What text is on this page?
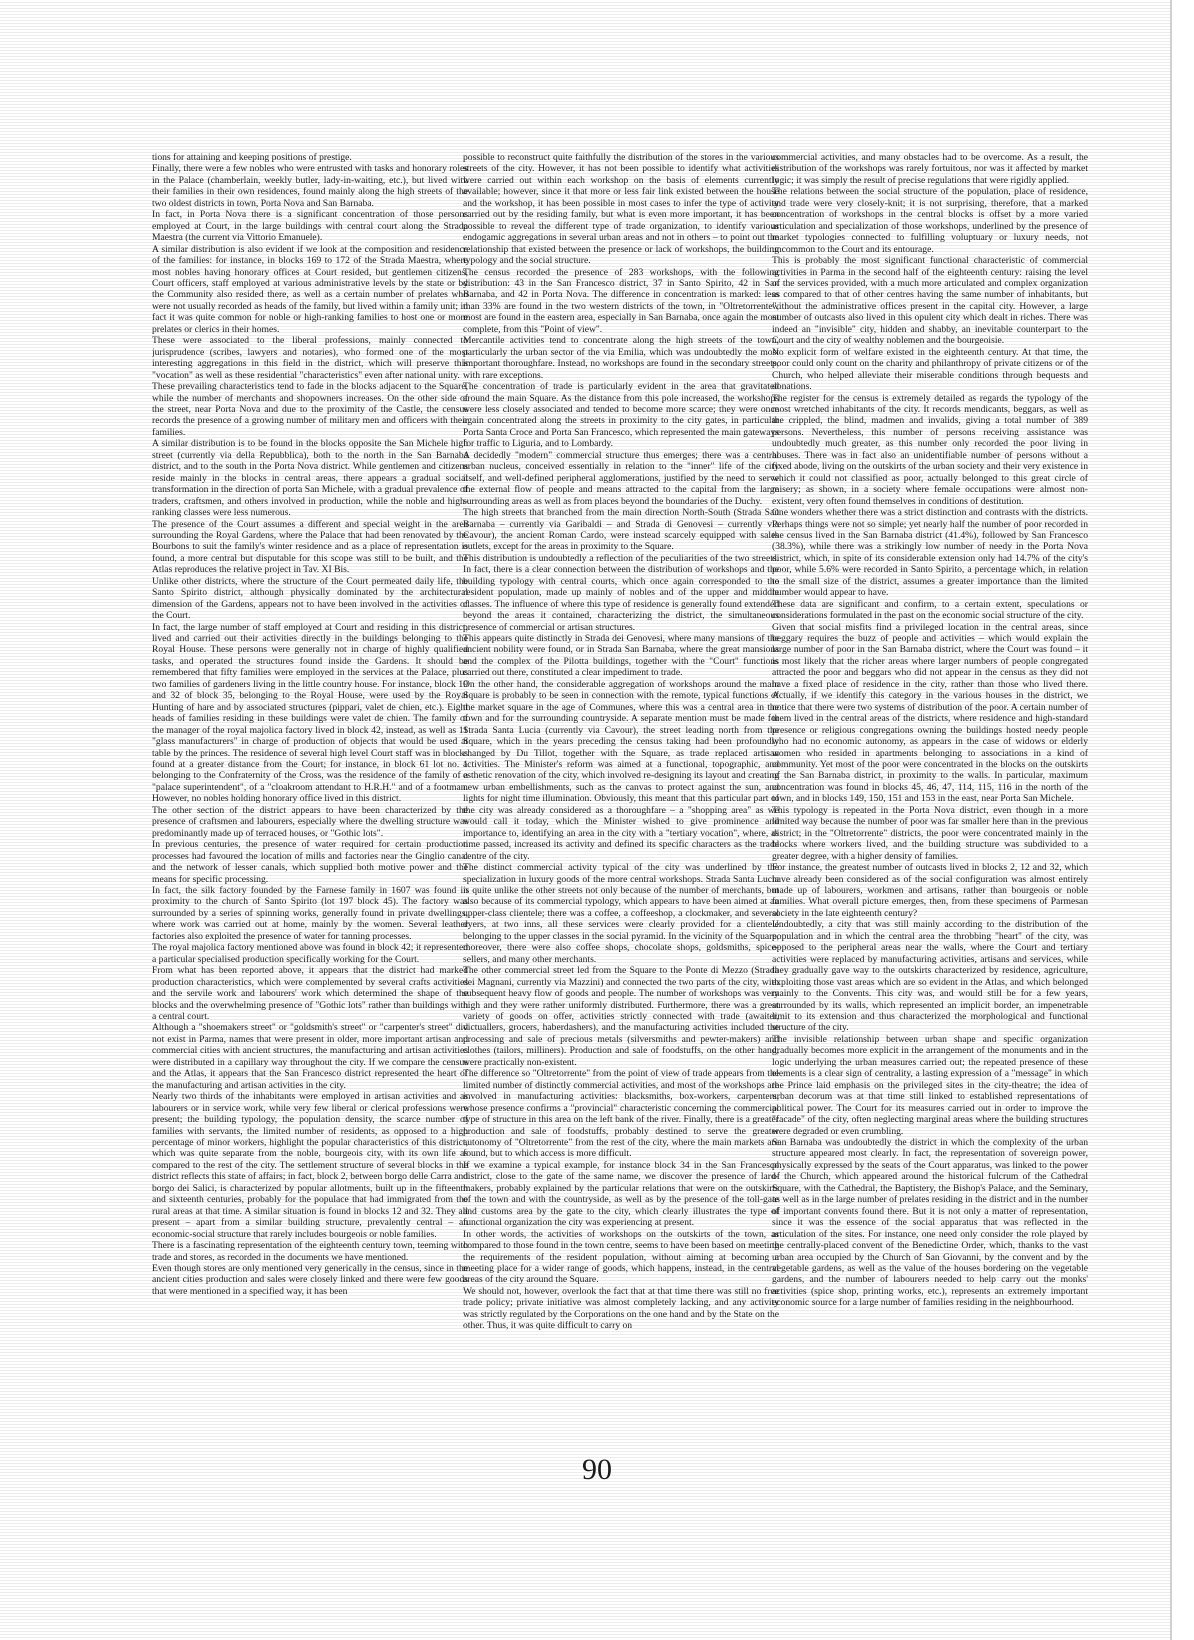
tions for attaining and keeping positions of prestige.

Finally, there were a few nobles who were entrusted with tasks and honorary roles in the Palace (chamberlain, weekly butler, lady-in-waiting, etc.), but lived with their families in their own residences, found mainly along the high streets of the two oldest districts in town, Porta Nova and San Barnaba.

In fact, in Porta Nova there is a significant concentration of those persons employed at Court, in the large buildings with central court along the Strada Maestra (the current via Vittorio Emanuele).

A similar distribution is also evident if we look at the composition and residence of the families: for instance, in blocks 169 to 172 of the Strada Maestra, where most nobles having honorary offices at Court resided, but gentlemen citizens, Court officers, staff employed at various administrative levels by the state or by the Community also resided there, as well as a certain number of prelates who were not usually recorded as heads of the family, but lived within a family unit; in fact it was quite common for noble or high-ranking families to host one or more prelates or clerics in their homes.

These were associated to the liberal professions, mainly connected to jurisprudence (scribes, lawyers and notaries), who formed one of the most interesting aggregations in this field in the district, which will preserve this "vocation" as well as these residential "characteristics" even after national unity.

These prevailing characteristics tend to fade in the blocks adjacent to the Square, while the number of merchants and shopowners increases. On the other side of the street, near Porta Nova and due to the proximity of the Castle, the census records the presence of a growing number of military men and officers with their families.

A similar distribution is to be found in the blocks opposite the San Michele high street (currently via della Repubblica), both to the north in the San Barnaba district, and to the south in the Porta Nova district. While gentlemen and citizens reside mainly in the blocks in central areas, there appears a gradual social transformation in the direction of porta San Michele, with a gradual prevalence of traders, craftsmen, and others involved in production, while the noble and high-ranking classes were less numerous.

The presence of the Court assumes a different and special weight in the area surrounding the Royal Gardens, where the Palace that had been renovated by the Bourbons to suit the family's winter residence and as a place of representation is found, a more central but disputable for this scope was still to be built, and the Atlas reproduces the relative project in Tav. XI Bis.

Unlike other districts, where the structure of the Court permeated daily life, the Santo Spirito district, although physically dominated by the architectural dimension of the Gardens, appears not to have been involved in the activities of the Court.

In fact, the large number of staff employed at Court and residing in this district, lived and carried out their activities directly in the buildings belonging to the Royal House. These persons were generally not in charge of highly qualified tasks, and operated the structures found inside the Gardens. It should be remembered that fifty families were employed in the services at the Palace, plus two families of gardeners living in the little country house. For instance, block 19 and 32 of block 35, belonging to the Royal House, were used by the Royal Hunting of hare and by associated structures (pippari, valet de chien, etc.). Eight heads of families residing in these buildings were valet de chien. The family of the manager of the royal majolica factory lived in block 42, instead, as well as 11 "glass manufacturers" in charge of production of objects that would be used at table by the princes. The residence of several high level Court staff was in blocks found at a greater distance from the Court; for instance, in block 61 lot no. 1 belonging to the Confraternity of the Cross, was the residence of the family of a "palace superintendent", of a "cloakroom attendant to H.R.H." and of a footman. However, no nobles holding honorary office lived in this district.

The other section of the district appears to have been characterized by the presence of craftsmen and labourers, especially where the dwelling structure was predominantly made up of terraced houses, or "Gothic lots".

In previous centuries, the presence of water required for certain production processes had favoured the location of mills and factories near the Ginglio canal and the network of lesser canals, which supplied both motive power and the means for specific processing.

In fact, the silk factory founded by the Farnese family in 1607 was found in proximity to the church of Santo Spirito (lot 197 block 45). The factory was surrounded by a series of spinning works, generally found in private dwellings, where work was carried out at home, mainly by the women. Several leather factories also exploited the presence of water for tanning processes.

The royal majolica factory mentioned above was found in block 42; it represented a particular specialised production specifically working for the Court.

From what has been reported above, it appears that the district had marked production characteristics, which were complemented by several crafts activities and the servile work and labourers' work which determined the shape of the blocks and the overwhelming presence of "Gothic lots" rather than buildings with a central court.

Although a "shoemakers street" or "goldsmith's street" or "carpenter's street" did not exist in Parma, names that were present in older, more important artisan and commercial cities with ancient structures, the manufacturing and artisan activities were distributed in a capillary way throughout the city. If we compare the census and the Atlas, it appears that the San Francesco district represented the heart of the manufacturing and artisan activities in the city.

Nearly two thirds of the inhabitants were employed in artisan activities and as labourers or in service work, while very few liberal or clerical professions were present; the building typology, the population density, the scarce number of families with servants, the limited number of residents, as opposed to a high percentage of minor workers, highlight the popular characteristics of this district, which was quite separate from the noble, bourgeois city, with its own life as compared to the rest of the city. The settlement structure of several blocks in the district reflects this state of affairs; in fact, block 2, between borgo delle Carra and borgo dei Salici, is characterized by popular allotments, built up in the fifteenth and sixteenth centuries, probably for the populace that had immigrated from the rural areas at that time. A similar situation is found in blocks 12 and 32. They all present – apart from a similar building structure, prevalently central – an economic-social structure that rarely includes bourgeois or noble families.

There is a fascinating representation of the eighteenth century town, teeming with trade and stores, as recorded in the documents we have mentioned.

Even though stores are only mentioned very generically in the census, since in the ancient cities production and sales were closely linked and there were few goods that were mentioned in a specified way, it has been

possible to reconstruct quite faithfully the distribution of the stores in the various streets of the city. However, it has not been possible to identify what activities were carried out within each workshop on the basis of elements currently available; however, since it that more or less fair link existed between the house and the workshop, it has been possible in most cases to infer the type of activity carried out by the residing family, but what is even more important, it has been possible to reveal the different type of trade organization, to identify various endogamic aggregations in several urban areas and not in others – to point out the relationship that existed between the presence or lack of workshops, the building typology and the social structure.

The census recorded the presence of 283 workshops, with the following distribution: 43 in the San Francesco district, 37 in Santo Spirito, 42 in San Barnaba, and 42 in Porta Nova. The difference in concentration is marked: less than 33% are found in the two western districts of the town, in "Oltretorrente", most are found in the eastern area, especially in San Barnaba, once again the most complete, from this "Point of view".

Mercantile activities tend to concentrate along the high streets of the town, particularly the urban sector of the via Emilia, which was undoubtedly the most important thoroughfare. Instead, no workshops are found in the secondary streets, with rare exceptions.

The concentration of trade is particularly evident in the area that gravitated around the main Square. As the distance from this pole increased, the workshops were less closely associated and tended to become more scarce; they were once again concentrated along the streets in proximity to the city gates, in particular Porta Santa Croce and Porta San Francesco, which represented the main gateways for traffic to Liguria, and to Lombardy.

A decidedly "modern" commercial structure thus emerges; there was a central urban nucleus, conceived essentially in relation to the "inner" life of the city itself, and well-defined peripheral agglomerations, justified by the need to serve the external flow of people and means attracted to the capital from the large surrounding areas as well as from places beyond the boundaries of the Duchy.

The high streets that branched from the main direction North-South (Strada San Barnaba – currently via Garibaldi – and Strada di Genovesi – currently via Cavour), the ancient Roman Cardo, were instead scarcely equipped with sales outlets, except for the areas in proximity to the Square.

This distribution is undoubtedly a reflection of the peculiarities of the two streets. In fact, there is a clear connection between the distribution of workshops and the building typology with central courts, which once again corresponded to the resident population, made up mainly of nobles and of the upper and middle classes. The influence of where this type of residence is generally found extended beyond the areas it contained, characterizing the district, the simultaneous presence of commercial or artisan structures.

This appears quite distinctly in Strada dei Genovesi, where many mansions of the ancient nobility were found, or in Strada San Barnaba, where the great mansions and the complex of the Pilotta buildings, together with the "Court" functions carried out there, constituted a clear impediment to trade.

On the other hand, the considerable aggregation of workshops around the main Square is probably to be seen in connection with the remote, typical functions of the market square in the age of Communes, where this was a central area in the town and for the surrounding countryside. A separate mention must be made for Strada Santa Lucia (currently via Cavour), the street leading north from the Square, which in the years preceding the census taking had been profoundly changed by Du Tillot, together with the Square, as trade replaced artisan activities. The Minister's reform was aimed at a functional, topographic, and esthetic renovation of the city, which involved re-designing its layout and creating new urban embellishments, such as the canvas to protect against the sun, and lights for night time illumination. Obviously, this meant that this particular part of the city was already considered as a thoroughfare – a "shopping area" as we would call it today, which the Minister wished to give prominence and importance to, identifying an area in the city with a "tertiary vocation", where, as time passed, increased its activity and defined its specific characters as the trade centre of the city.

The distinct commercial activity typical of the city was underlined by the specialization in luxury goods of the more central workshops. Strada Santa Lucia is quite unlike the other streets not only because of the number of merchants, but also because of its commercial typology, which appears to have been aimed at an upper-class clientele; there was a coffee, a coffeeshop, a clockmaker, and several dyers, at two inns, all these services were clearly provided for a clientele belonging to the upper classes in the social pyramid. In the vicinity of the Square, moreover, there were also coffee shops, chocolate shops, goldsmiths, spice-sellers, and many other merchants.

The other commercial street led from the Square to the Ponte di Mezzo (Strada dei Magnani, currently via Mazzini) and connected the two parts of the city, with subsequent heavy flow of goods and people. The number of workshops was very high and they were rather uniformly distributed. Furthermore, there was a great variety of goods on offer, activities strictly connected with trade (awaiter, victuallers, grocers, haberdashers), and the manufacturing activities included the processing and sale of precious metals (silversmiths and pewter-makers) and clothes (tailors, milliners). Production and sale of foodstuffs, on the other hand, were practically non-existent.

The difference so "Oltretorrente" from the point of view of trade appears from the limited number of distinctly commercial activities, and most of the workshops are involved in manufacturing activities: blacksmiths, box-workers, carpenters, whose presence confirms a "provincial" characteristic concerning the commercial type of structure in this area on the left bank of the river. Finally, there is a greater production and sale of foodstuffs, probably destined to serve the greater autonomy of "Oltretorrente" from the rest of the city, where the main markets are found, but to which access is more difficult.

If we examine a typical example, for instance block 34 in the San Francesco district, close to the gate of the same name, we discover the presence of lard-makers, probably explained by the particular relations that were on the outskirts of the town and with the countryside, as well as by the presence of the toll-gate and customs area by the gate to the city, which clearly illustrates the type of functional organization the city was experiencing at present.

In other words, the activities of workshops on the outskirts of the town, as compared to those found in the town centre, seems to have been based on meeting the requirements of the resident population, without aiming at becoming a meeting place for a wider range of goods, which happens, instead, in the central areas of the city around the Square.

We should not, however, overlook the fact that at that time there was still no free trade policy; private initiative was almost completely lacking, and any activity was strictly regulated by the Corporations on the one hand and by the State on the other. Thus, it was quite difficult to carry on

commercial activities, and many obstacles had to be overcome. As a result, the distribution of the workshops was rarely fortuitous, nor was it affected by market logic; it was simply the result of precise regulations that were rigidly applied.

The relations between the social structure of the population, place of residence, and trade were very closely-knit; it is not surprising, therefore, that a marked concentration of workshops in the central blocks is offset by a more varied articulation and specialization of those workshops, underlined by the presence of market typologies connected to fulfilling voluptuary or luxury needs, not uncommon to the Court and its entourage.

This is probably the most significant functional characteristic of commercial activities in Parma in the second half of the eighteenth century: raising the level of the services provided, with a much more articulated and complex organization as compared to that of other centres having the same number of inhabitants, but without the administrative offices present in the capital city. However, a large number of outcasts also lived in this opulent city which dealt in riches. There was indeed an "invisible" city, hidden and shabby, an inevitable counterpart to the Court and the city of wealthy noblemen and the bourgeoisie.

No explicit form of welfare existed in the eighteenth century. At that time, the poor could only count on the charity and philanthropy of private citizens or of the Church, who helped alleviate their miserable conditions through bequests and donations.

The register for the census is extremely detailed as regards the typology of the most wretched inhabitants of the city. It records mendicants, beggars, as well as the crippled, the blind, madmen and invalids, giving a total number of 389 persons. Nevertheless, this number of persons receiving assistance was undoubtedly much greater, as this number only recorded the poor living in houses. There was in fact also an unidentifiable number of persons without a fixed abode, living on the outskirts of the urban society and their very existence in which it could not classified as poor, actually belonged to this great circle of misery; as shown, in a society where female occupations were almost non-existent, very often found themselves in conditions of destitution.

One wonders whether there was a strict distinction and contrasts with the districts. Perhaps things were not so simple; yet nearly half the number of poor recorded in the census lived in the San Barnaba district (41.4%), followed by San Francesco (38.3%), while there was a strikingly low number of needy in the Porta Nova district, which, in spite of its considerable extension only had 14.7% of the city's poor, while 5.6% were recorded in Santo Spirito, a percentage which, in relation to the small size of the district, assumes a greater importance than the limited number would appear to have.

These data are significant and confirm, to a certain extent, speculations or considerations formulated in the past on the economic social structure of the city.

Given that social misfits find a privileged location in the central areas, since beggary requires the buzz of people and activities – which would explain the large number of poor in the San Barnaba district, where the Court was found – it is most likely that the richer areas where larger numbers of people congregated attracted the poor and beggars who did not appear in the census as they did not have a fixed place of residence in the city, rather than those who lived there. Actually, if we identify this category in the various houses in the district, we notice that there were two systems of distribution of the poor. A certain number of them lived in the central areas of the districts, where residence and high-standard presence or religious congregations owning the buildings hosted needy people who had no economic autonomy, as appears in the case of widows or elderly women who resided in apartments belonging to associations in a kind of community. Yet most of the poor were concentrated in the blocks on the outskirts of the San Barnaba district, in proximity to the walls. In particular, maximum concentration was found in blocks 45, 46, 47, 114, 115, 116 in the north of the town, and in blocks 149, 150, 151 and 153 in the east, near Porta San Michele.

This typology is repeated in the Porta Nova district, even though in a more limited way because the number of poor was far smaller here than in the previous district; in the "Oltretorrente" districts, the poor were concentrated mainly in the blocks where workers lived, and the building structure was subdivided to a greater degree, with a higher density of families.

For instance, the greatest number of outcasts lived in blocks 2, 12 and 32, which have already been considered as of the social configuration was almost entirely made up of labourers, workmen and artisans, rather than bourgeois or noble families. What overall picture emerges, then, from these specimens of Parmesan society in the late eighteenth century?

Undoubtedly, a city that was still mainly according to the distribution of the population and in which the central area the throbbing "heart" of the city, was opposed to the peripheral areas near the walls, where the Court and tertiary activities were replaced by manufacturing activities, artisans and services, while they gradually gave way to the outskirts characterized by residence, agriculture, exploiting those vast areas which are so evident in the Atlas, and which belonged mainly to the Convents. This city was, and would still be for a few years, surrounded by its walls, which represented an implicit border, an impenetrable limit to its extension and thus characterized the morphological and functional structure of the city.

The invisible relationship between urban shape and specific organization gradually becomes more explicit in the arrangement of the monuments and in the logic underlying the urban measures carried out; the repeated presence of these elements is a clear sign of centrality, a lasting expression of a "message" in which the Prince laid emphasis on the privileged sites in the city-theatre; the idea of urban decorum was at that time still linked to established representations of political power. The Court for its measures carried out in order to improve the "facade" of the city, often neglecting marginal areas where the building structures were degraded or even crumbling.

San Barnaba was undoubtedly the district in which the complexity of the urban structure appeared most clearly. In fact, the representation of sovereign power, physically expressed by the seats of the Court apparatus, was linked to the power of the Church, which appeared around the historical fulcrum of the Cathedral Square, with the Cathedral, the Baptistery, the Bishop's Palace, and the Seminary, as well as in the large number of prelates residing in the district and in the number of important convents found there. But it is not only a matter of representation, since it was the essence of the social apparatus that was reflected in the articulation of the sites. For instance, one need only consider the role played by the centrally-placed convent of the Benedictine Order, which, thanks to the vast urban area occupied by the Church of San Giovanni, by the convent and by the vegetable gardens, as well as the value of the houses bordering on the vegetable gardens, and the number of labourers needed to help carry out the monks' activities (spice shop, printing works, etc.), represents an extremely important economic source for a large number of families residing in the neighbourhood.

90
